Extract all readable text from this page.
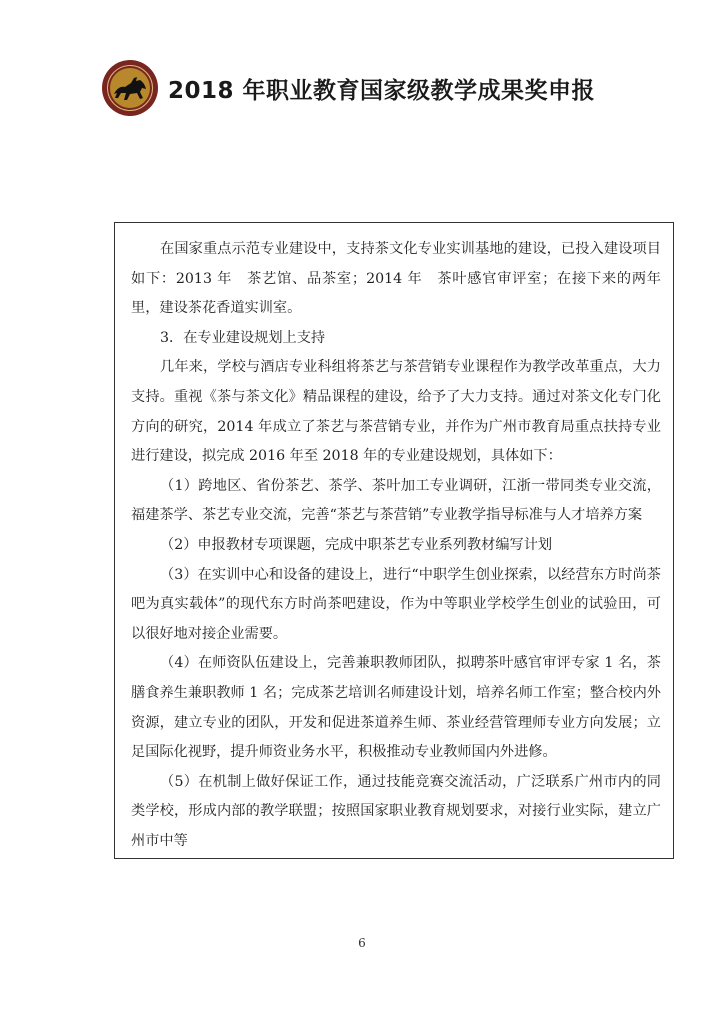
2018 年职业教育国家级教学成果奖申报

在国家重点示范专业建设中，支持茶文化专业实训基地的建设，已投入建设项目如下：2013 年　茶艺馆、品茶室；2014 年　茶叶感官审评室；在接下来的两年里，建设茶花香道实训室。

3．在专业建设规划上支持

几年来，学校与酒店专业科组将茶艺与茶营销专业课程作为教学改革重点，大力支持。重视《茶与茶文化》精品课程的建设，给予了大力支持。通过对茶文化专门化方向的研究，2014 年成立了茶艺与茶营销专业，并作为广州市教育局重点扶持专业进行建设，拟完成 2016 年至 2018 年的专业建设规划，具体如下：

（1）跨地区、省份茶艺、茶学、茶叶加工专业调研，江浙一带同类专业交流，福建茶学、茶艺专业交流，完善“茶艺与茶营销”专业教学指导标准与人才培养方案

（2）申报教材专项课题，完成中职茶艺专业系列教材编写计划

（3）在实训中心和设备的建设上，进行“中职学生创业探索，以经营东方时尚茶吧为真实载体”的现代东方时尚茶吧建设，作为中等职业学校学生创业的试验田，可以很好地对接企业需要。

（4）在师资队伍建设上，完善兼职教师团队，拟聘茶叶感官审评专家 1 名，茶膳食养生兼职教师 1 名；完成茶艺培训名师建设计划，培养名师工作室；整合校内外资源，建立专业的团队，开发和促进茶道养生师、茶业经营管理师专业方向发展；立足国际化视野，提升师资业务水平，积极推动专业教师国内外进修。

（5）在机制上做好保证工作，通过技能竞赛交流活动，广泛联系广州市内的同类学校，形成内部的教学联盟；按照国家职业教育规划要求，对接行业实际，建立广州市中等

6
